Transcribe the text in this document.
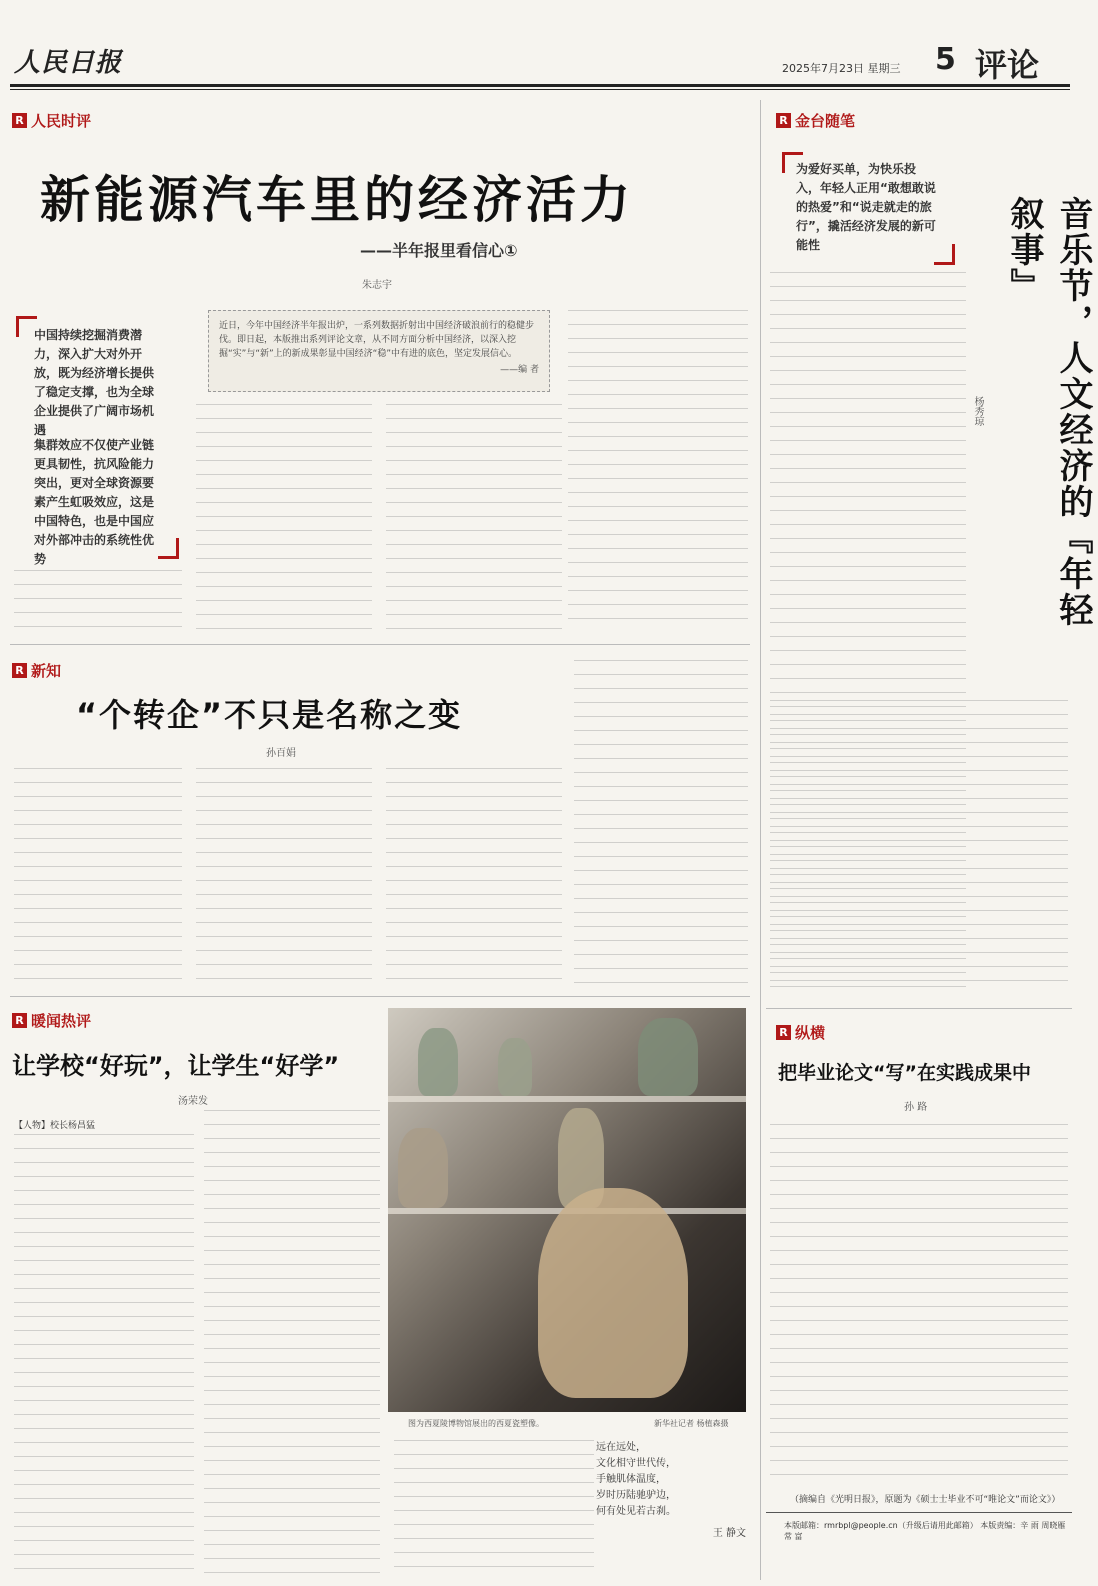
人民日报	2025年7月23日 星期三 5 评论
R 人民时评
新能源汽车里的经济活力
——半年报里看信心①
朱志宇
中国持续挖掘消费潜力，深入扩大对外开放，既为经济增长提供了稳定支撑，也为全球企业提供了广阔市场机遇
集群效应不仅使产业链更具韧性，抗风险能力突出，更对全球资源要素产生虹吸效应，这是中国特色，也是中国应对外部冲击的系统性优势
近日，今年中国经济半年报出炉，一系列数据折射出中国经济破浪前行的稳健步伐。即日起，本版推出系列评论文章，从不同方面分析中国经济，以深入挖掘“实”与“新”上的新成果彰显中国经济“稳”中有进的底色，坚定发展信心。
——编 者
R 新知
“个转企”不只是名称之变
孙百娟
R 暖闻热评
让学校“好玩”，让学生“好学”
汤荣发
【人物】校长杨昌猛
图为西夏陵博物馆展出的西夏瓷塑像。	新华社记者 杨植森摄
远在远处，
文化相守世代传，
手触肌体温度，
岁时历陆驰驴边，
何有处见若古刹。
王 静文
R 金台随笔
为爱好买单，为快乐投入，年轻人正用“敢想敢说的热爱”和“说走就走的旅行”，撬活经济发展的新可能性	音乐节，人文经济的『年轻叙事』
杨秀琼
R 纵横
把毕业论文“写”在实践成果中
孙 路
（摘编自《光明日报》，原题为《硕士士毕业不可“唯论文”而论文》）
本版邮箱：rmrbpl@people.cn（升级后请用此邮箱） 本版责编：辛 雨 周晓雁 常 富
